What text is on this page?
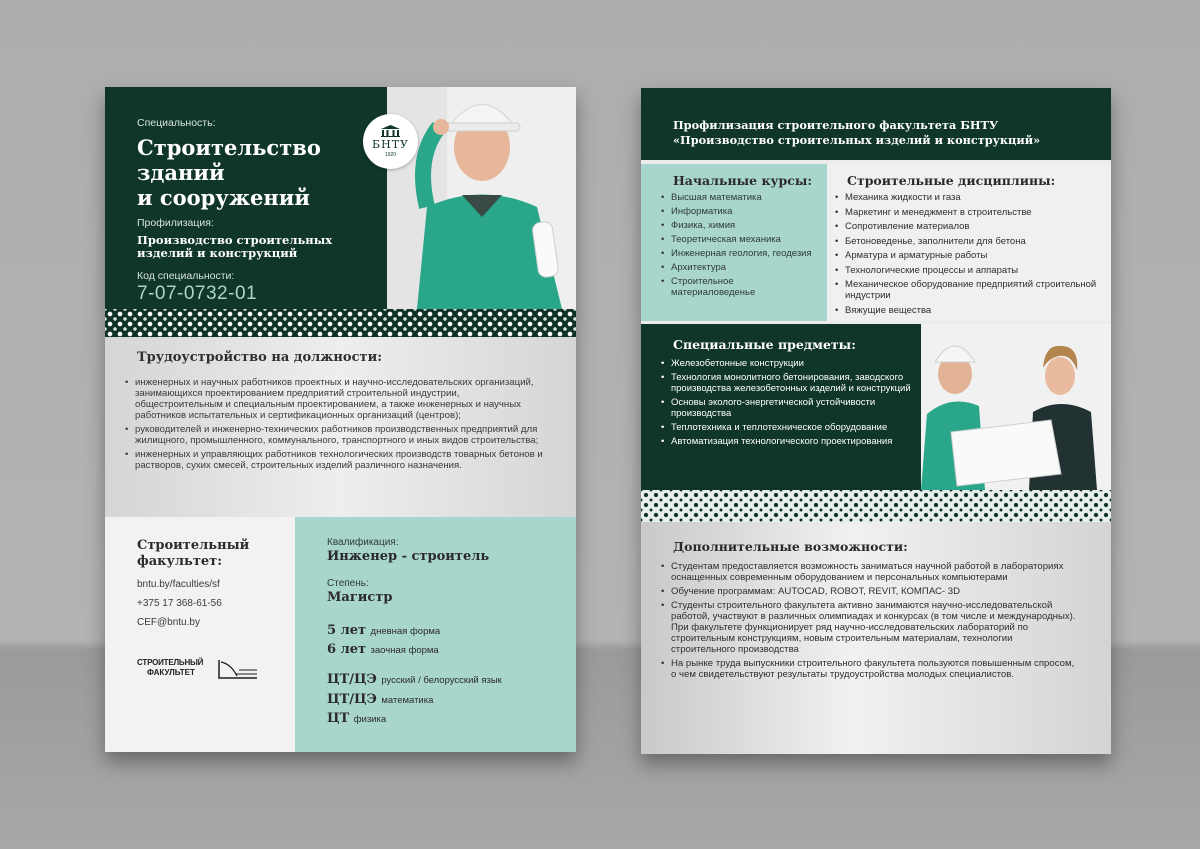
Специальность:
Строительство
зданий
и сооружений
Профилизация:
Производство строительных
изделий и конструкций
Код специальности:
7-07-0732-01
БНТУ
1920
Трудоустройство на должности:
• инженерных и научных работников проектных и научно-исследовательских организаций, занимающихся проектированием предприятий строительной индустрии, общестроительным и специальным проектированием, а также инженерных и научных работников испытательных и сертификационных организаций (центров);
• руководителей и инженерно-технических работников производственных предприятий для жилищного, промышленного, коммунального, транспортного и иных видов строительства;
• инженерных и управляющих работников технологических производств товарных бетонов и растворов, сухих смесей, строительных изделий различного назначения.
Строительный
факультет:
bntu.by/faculties/sf
+375 17 368-61-56
CEF@bntu.by
СТРОИТЕЛЬНЫЙ
ФАКУЛЬТЕТ
Квалификация:
Инженер - строитель
Степень:
Магистр
5 лет дневная форма
6 лет заочная форма
ЦТ/ЦЭ русский / белорусский язык
ЦТ/ЦЭ математика
ЦТ физика
Профилизация строительного факультета БНТУ
«Производство строительных изделий и конструкций»
Начальные курсы:
• Высшая математика
• Информатика
• Физика, химия
• Теоретическая механика
• Инженерная геология, геодезия
• Архитектура
• Строительное материаловеденье
Строительные дисциплины:
• Механика жидкости и газа
• Маркетинг и менеджмент в строительстве
• Сопротивление материалов
• Бетоноведенье, заполнители для бетона
• Арматура и арматурные работы
• Технологические процессы и аппараты
• Механическое оборудование предприятий строительной индустрии
• Вяжущие вещества
Специальные предметы:
• Железобетонные конструкции
• Технология монолитного бетонирования, заводского производства железобетонных изделий и конструкций
• Основы эколого-энергетической устойчивости производства
• Теплотехника и теплотехническое оборудование
• Автоматизация технологического проектирования
Дополнительные возможности:
• Студентам предоставляется возможность заниматься научной работой в лабораториях оснащенных современным оборудованием и персональных компьютерами
• Обучение программам: AUTOCAD, ROBOT, REVIT, КОМПАС- 3D
• Студенты строительного факультета активно занимаются научно-исследовательской работой, участвуют в различных олимпиадах и конкурсах (в том числе и международных). При факультете функционирует ряд научно-исследовательских лабораторий по строительным конструкциям, новым строительным материалам, технологии строительного производства
• На рынке труда выпускники строительного факультета пользуются повышенным спросом, о чем свидетельствуют результаты трудоустройства молодых специалистов.
